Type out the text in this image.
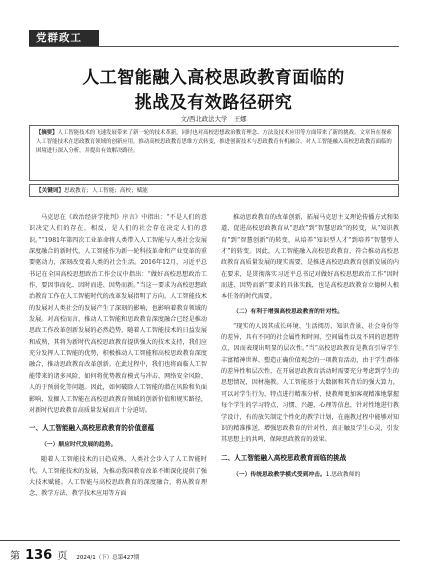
党群政工
人工智能融入高校思政教育面临的
挑战及有效路径研究
文/西北政法大学　王娜
【摘要】人工智能技术的飞速发展带来了新一轮的技术革新，同时也对高校思想政治教育理念、方法及技术应用等方面带来了新的挑战。文章旨在探索人工智能技术在思政教育领域的创新应用，推动高校思政教育思维方式转变，推进创新技术与思政教育有机融合，对人工智能融入高校思政教育面临的困境进行深入分析，并提出有效解决路径。
【关键词】思政教育；人工智能；高校；赋能

马克思在《政治经济学批判》序言》中指出：“不是人们的意识决定人们的存在，相反，是人们的社会存在决定人们的意识。”“1981年第四次工业革命将人类带入人工智能与人类社会发展深度融合的新时代，人工智能作为新一轮科技革命和产业变革的重要驱动力，深刻改变着人类的社会生活。2016年12月，习近平总书记在全国高校思想政治工作会议中指出：“做好高校思想政治工作，要因事而化、因时而进、因势而新。”当这一要求为高校思想政治教育工作在人工智能时代的改革发展指明了方向。人工智能技术的发展对人类社会的发展产生了深刻的影响，也影响着教育领域的发展。对高校而言，推动人工智能和思政教育深度融合已经是推动思政工作改革创新发展的必然趋势，随着人工智能技术的日益发展和成熟，其将为新时代高校思政教育提供强大的技术支持，我们应充分发挥人工智能的优势，积极推动人工智能和高校思政教育深度融合，推动思政教育改革创新。在此过程中，我们也将面临人工智能带来的诸多风险，如何将优势教育模式与冲击、网络安全风险、人的于预弱化等问题。因此，如何破除人工智能的潜在风险和负面影响，发掘人工智能在高校思政教育领域的创新价值和规实路径，对新时代思政教育高质量发展而言十分迫切。

一、人工智能融入高校思政教育的价值意蕴
（一）顺应时代发展的趋势。

随着人工智能技术的日趋成熟，人类社会步入了人工智能时代。人工智能技术的发展，为推动我国教育改革不断深化提供了强大技术赋能。人工智能与高校思政教育的深度融合，将从教育理念、教学方法、教学技术应用等方面

推动思政教育的改革创新，拓展马克思主义理论传播方式和渠道，促进高校思政教育从“思政”到“智慧思政”的转变，从“知识教育”到“智慧创新”的转变，从培养“知识型人才”到培养“智慧型人才”的转变。因此，人工智能融入高校思政教育，符合推动高校思政教育高质量发展的现实需要，是推进高校思政教育创新发展的内在要求，是贯彻落实习近平总书记对做好高校思想政治工作“因时而进、因势而新”要求的具体实践，也是高校思政教育立德树人根本任务的时代需要。

（二）有利于增强高校思政教育的针对性。

“现实的人因其成长环境、生活阅历、知识背景、社会身份等的差异，具有不同的社会属性和时间、空间属性以及不同的思想特点，因而表现出明显的层次性。”当“高校思政教育是教育引导学生丰富精神世界、塑造正确价值观念的一项教育活动，由于学生群体的差异性和层次性，在开展思政教育活动时需要充分考虑到学生的思想情况，因材施教。人工智能基于大数据和其背后的强大算力，可以对学生行为、特点进行精准分析，使教师更加客观精准地掌握每个学生的学习特点、习惯、兴趣、心理等信息，针对性地进行教学设计，有的放矢制定个性化的教学计划，在施教过程中能够对知识的精准推送，增强思政教育的针对性，真正触及学生心灵，引发其思想上的共鸣，保障思政教育的效果。

二、人工智能融入高校思政教育面临的挑战
（一）传统思政教学模式受到冲击。1.思政教师的
第 136 页 2024/1（下）总第427期
